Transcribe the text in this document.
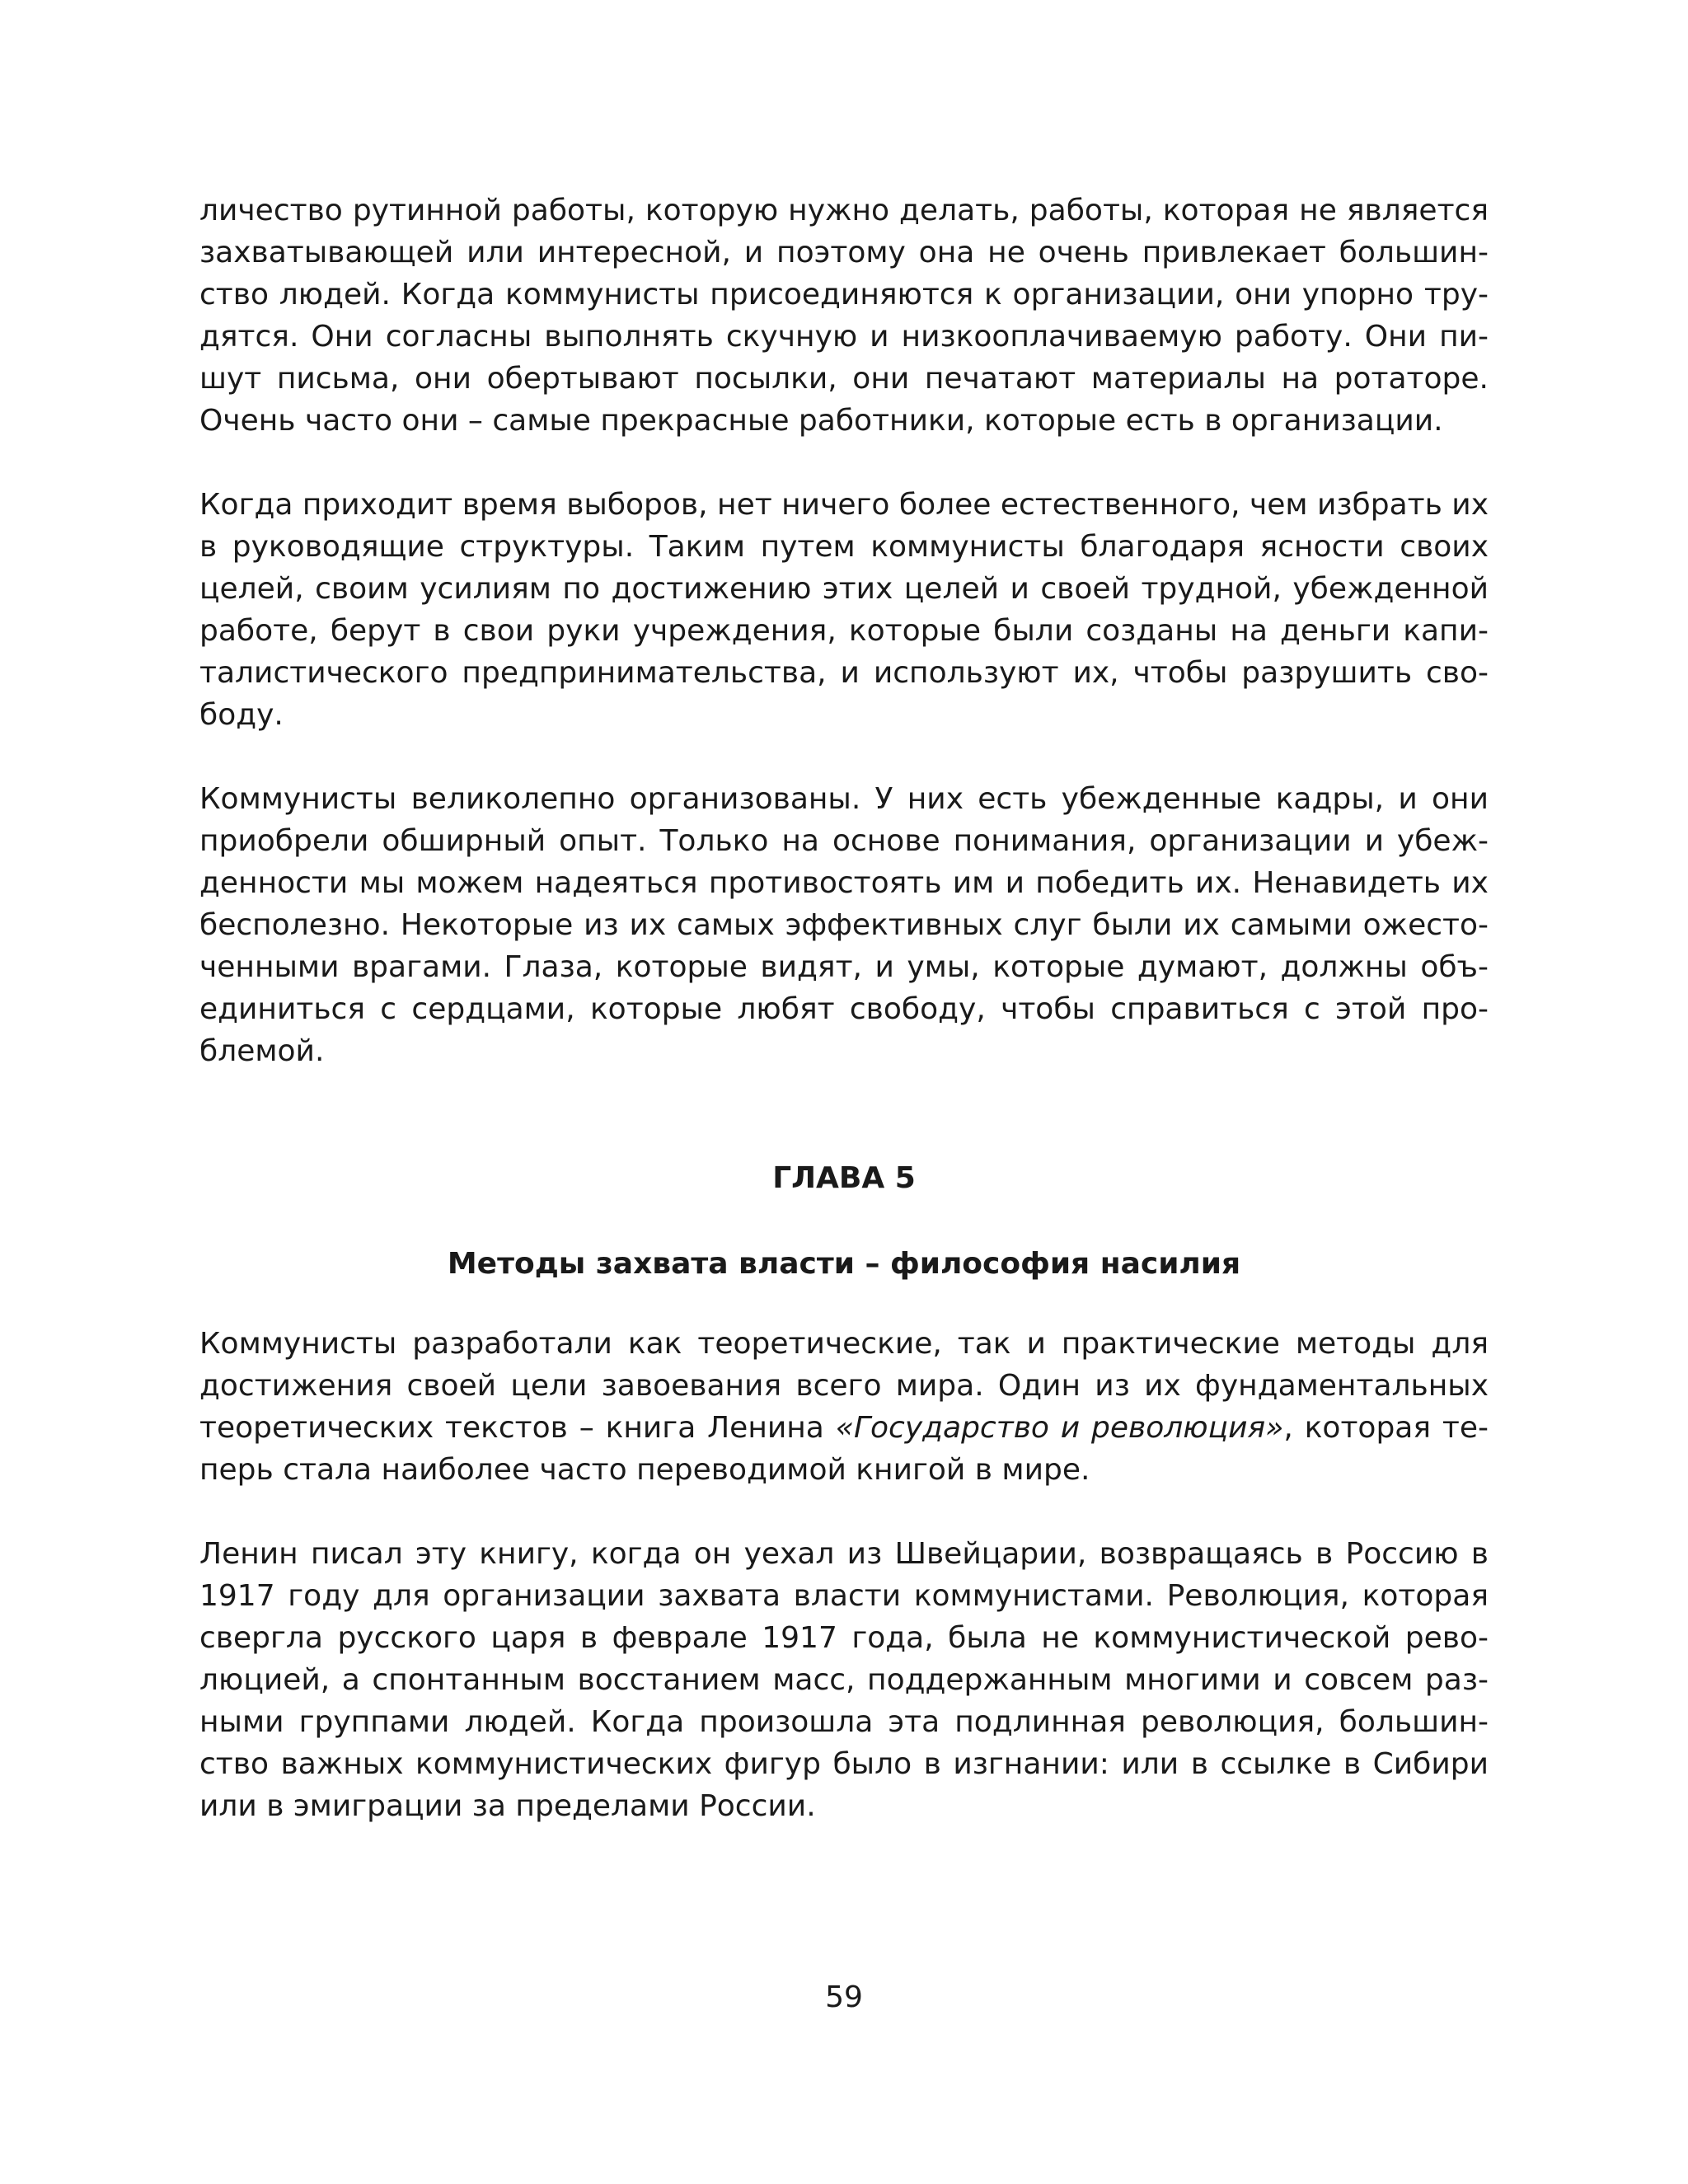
личество рутинной работы, которую нужно делать, работы, которая не является захватывающей или интересной, и поэтому она не очень привлекает большинство людей. Когда коммунисты присоединяются к организации, они упорно трудятся. Они согласны выполнять скучную и низкооплачиваемую работу. Они пишут письма, они обертывают посылки, они печатают материалы на ротаторе. Очень часто они – самые прекрасные работники, которые есть в организации.

Когда приходит время выборов, нет ничего более естественного, чем избрать их в руководящие структуры. Таким путем коммунисты благодаря ясности своих целей, своим усилиям по достижению этих целей и своей трудной, убежденной работе, берут в свои руки учреждения, которые были созданы на деньги капиталистического предпринимательства, и используют их, чтобы разрушить свободу.

Коммунисты великолепно организованы. У них есть убежденные кадры, и они приобрели обширный опыт. Только на основе понимания, организации и убежденности мы можем надеяться противостоять им и победить их. Ненавидеть их бесполезно. Некоторые из их самых эффективных слуг были их самыми ожесточенными врагами. Глаза, которые видят, и умы, которые думают, должны объединиться с сердцами, которые любят свободу, чтобы справиться с этой проблемой.

ГЛАВА 5
Методы захвата власти – философия насилия

Коммунисты разработали как теоретические, так и практические методы для достижения своей цели завоевания всего мира. Один из их фундаментальных теоретических текстов – книга Ленина «Государство и революция», которая теперь стала наиболее часто переводимой книгой в мире.

Ленин писал эту книгу, когда он уехал из Швейцарии, возвращаясь в Россию в 1917 году для организации захвата власти коммунистами. Революция, которая свергла русского царя в феврале 1917 года, была не коммунистической революцией, а спонтанным восстанием масс, поддержанным многими и совсем разными группами людей. Когда произошла эта подлинная революция, большинство важных коммунистических фигур было в изгнании: или в ссылке в Сибири или в эмиграции за пределами России.

59
